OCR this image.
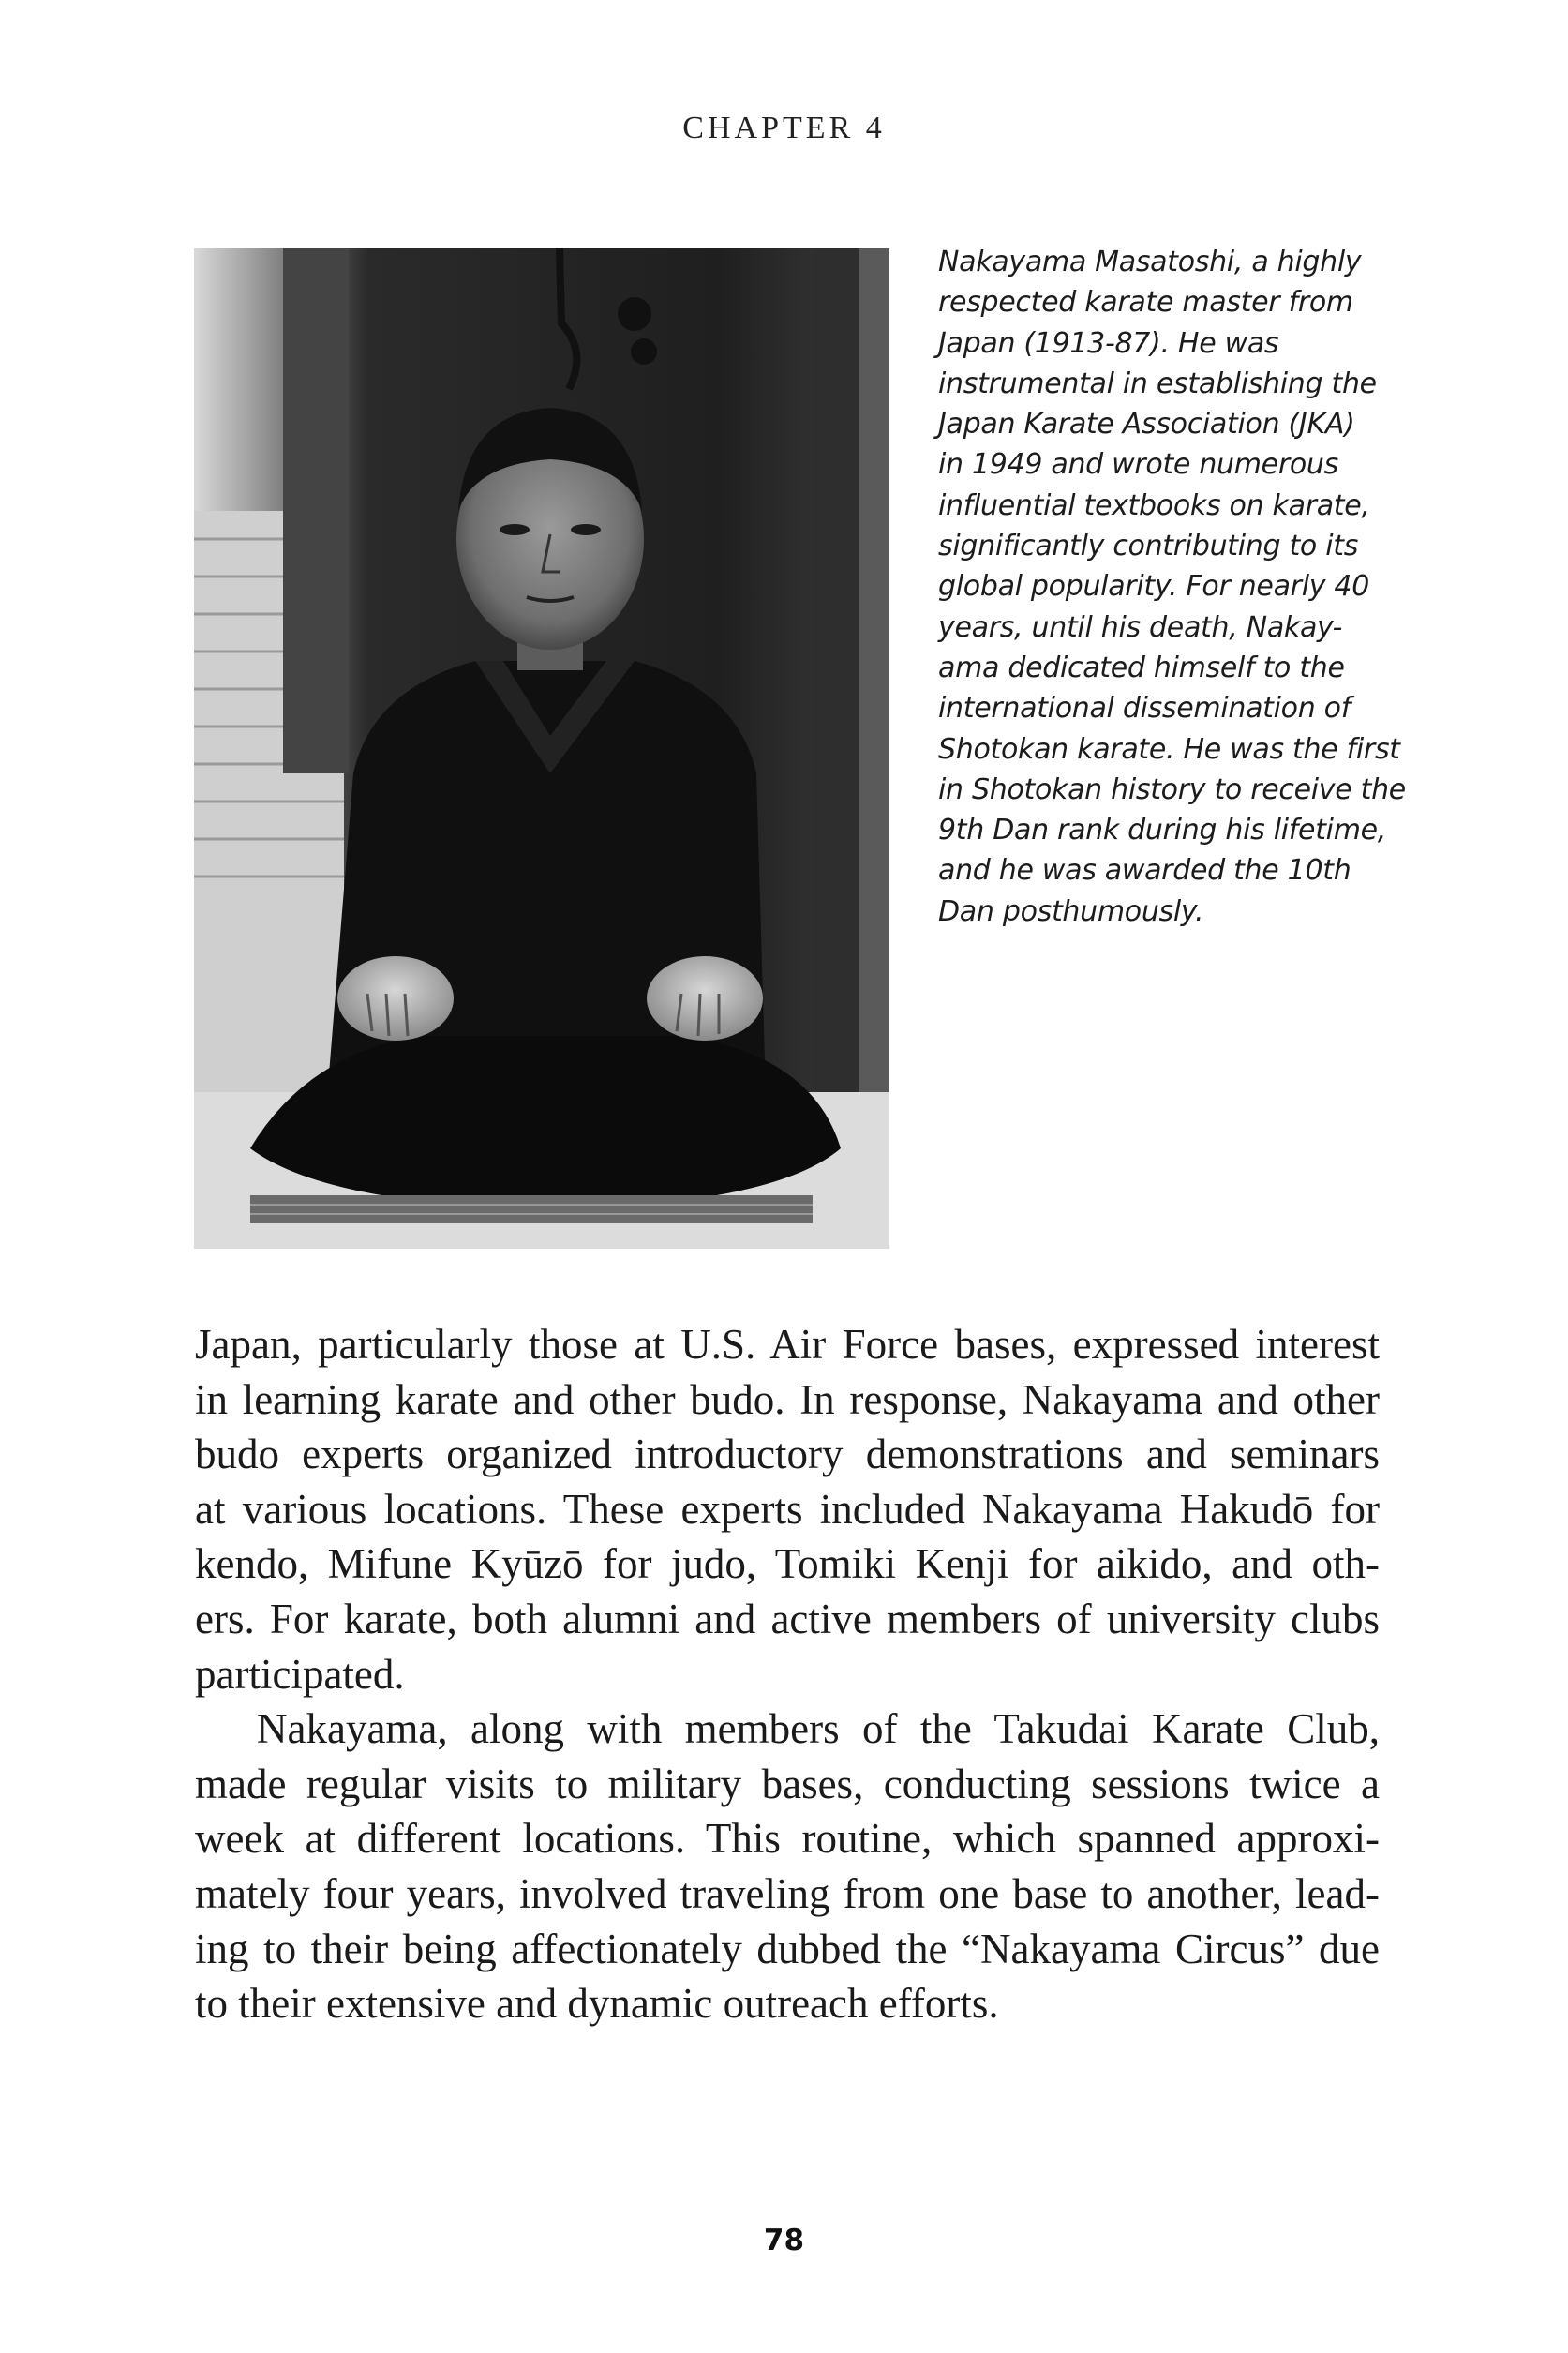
CHAPTER 4
Nakayama Masatoshi, a highly
respected karate master from
Japan (1913-87). He was
instrumental in establishing the
Japan Karate Association (JKA)
in 1949 and wrote numerous
influential textbooks on karate,
significantly contributing to its
global popularity. For nearly 40
years, until his death, Nakay-
ama dedicated himself to the
international dissemination of
Shotokan karate. He was the first
in Shotokan history to receive the
9th Dan rank during his lifetime,
and he was awarded the 10th
Dan posthumously.
Japan, particularly those at U.S. Air Force bases, expressed interest
in learning karate and other budo. In response, Nakayama and other
budo experts organized introductory demonstrations and seminars
at various locations. These experts included Nakayama Hakudō for
kendo, Mifune Kyūzō for judo, Tomiki Kenji for aikido, and oth-
ers. For karate, both alumni and active members of university clubs
participated.
Nakayama, along with members of the Takudai Karate Club,
made regular visits to military bases, conducting sessions twice a
week at different locations. This routine, which spanned approxi-
mately four years, involved traveling from one base to another, lead-
ing to their being affectionately dubbed the “Nakayama Circus” due
to their extensive and dynamic outreach efforts.
78
